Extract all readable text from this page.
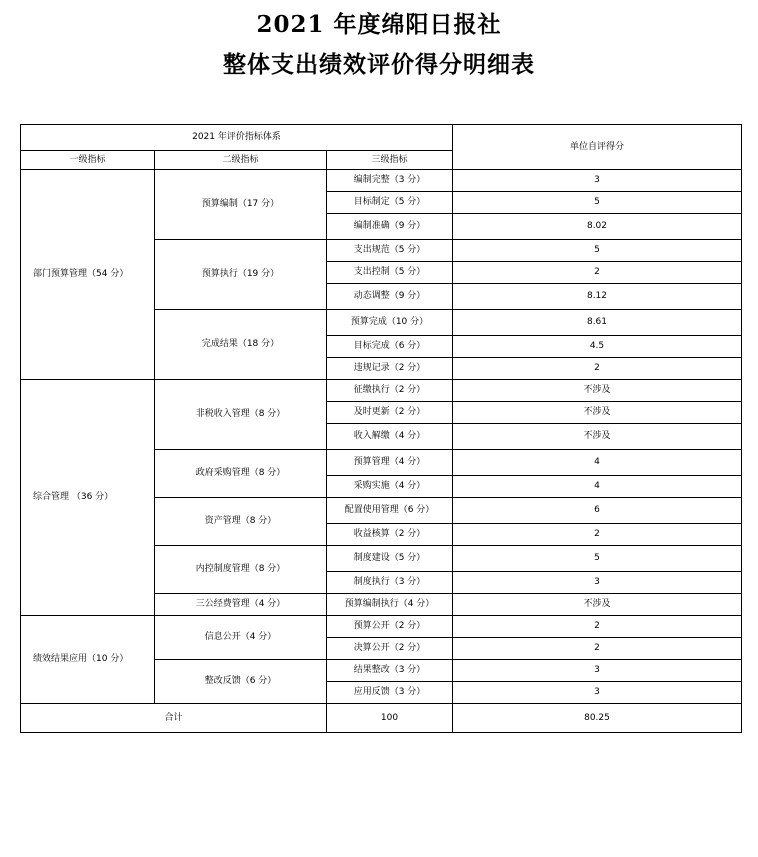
2021 年度绵阳日报社
整体支出绩效评价得分明细表
2021 年评价指标体系			单位自评得分
一级指标	二级指标	三级指标	
部门预算管理（54 分）	预算编制（17 分）	编制完整（3 分）	3
		目标制定（5 分）	5
		编制准确（9 分）	8.02
	预算执行（19 分）	支出规范（5 分）	5
		支出控制（5 分）	2
		动态调整（9 分）	8.12
	完成结果（18 分）	预算完成（10 分）	8.61
		目标完成（6 分）	4.5
		违规记录（2 分）	2
综合管理 （36 分）	非税收入管理（8 分）	征缴执行（2 分）	不涉及
		及时更新（2 分）	不涉及
		收入解缴（4 分）	不涉及
	政府采购管理（8 分）	预算管理（4 分）	4
		采购实施（4 分）	4
	资产管理（8 分）	配置使用管理（6 分）	6
		收益核算（2 分）	2
	内控制度管理（8 分）	制度建设（5 分）	5
		制度执行（3 分）	3
	三公经费管理（4 分）	预算编制执行（4 分）	不涉及
绩效结果应用（10 分）	信息公开（4 分）	预算公开（2 分）	2
		决算公开（2 分）	2
	整改反馈（6 分）	结果整改（3 分）	3
		应用反馈（3 分）	3
合计		100	80.25
